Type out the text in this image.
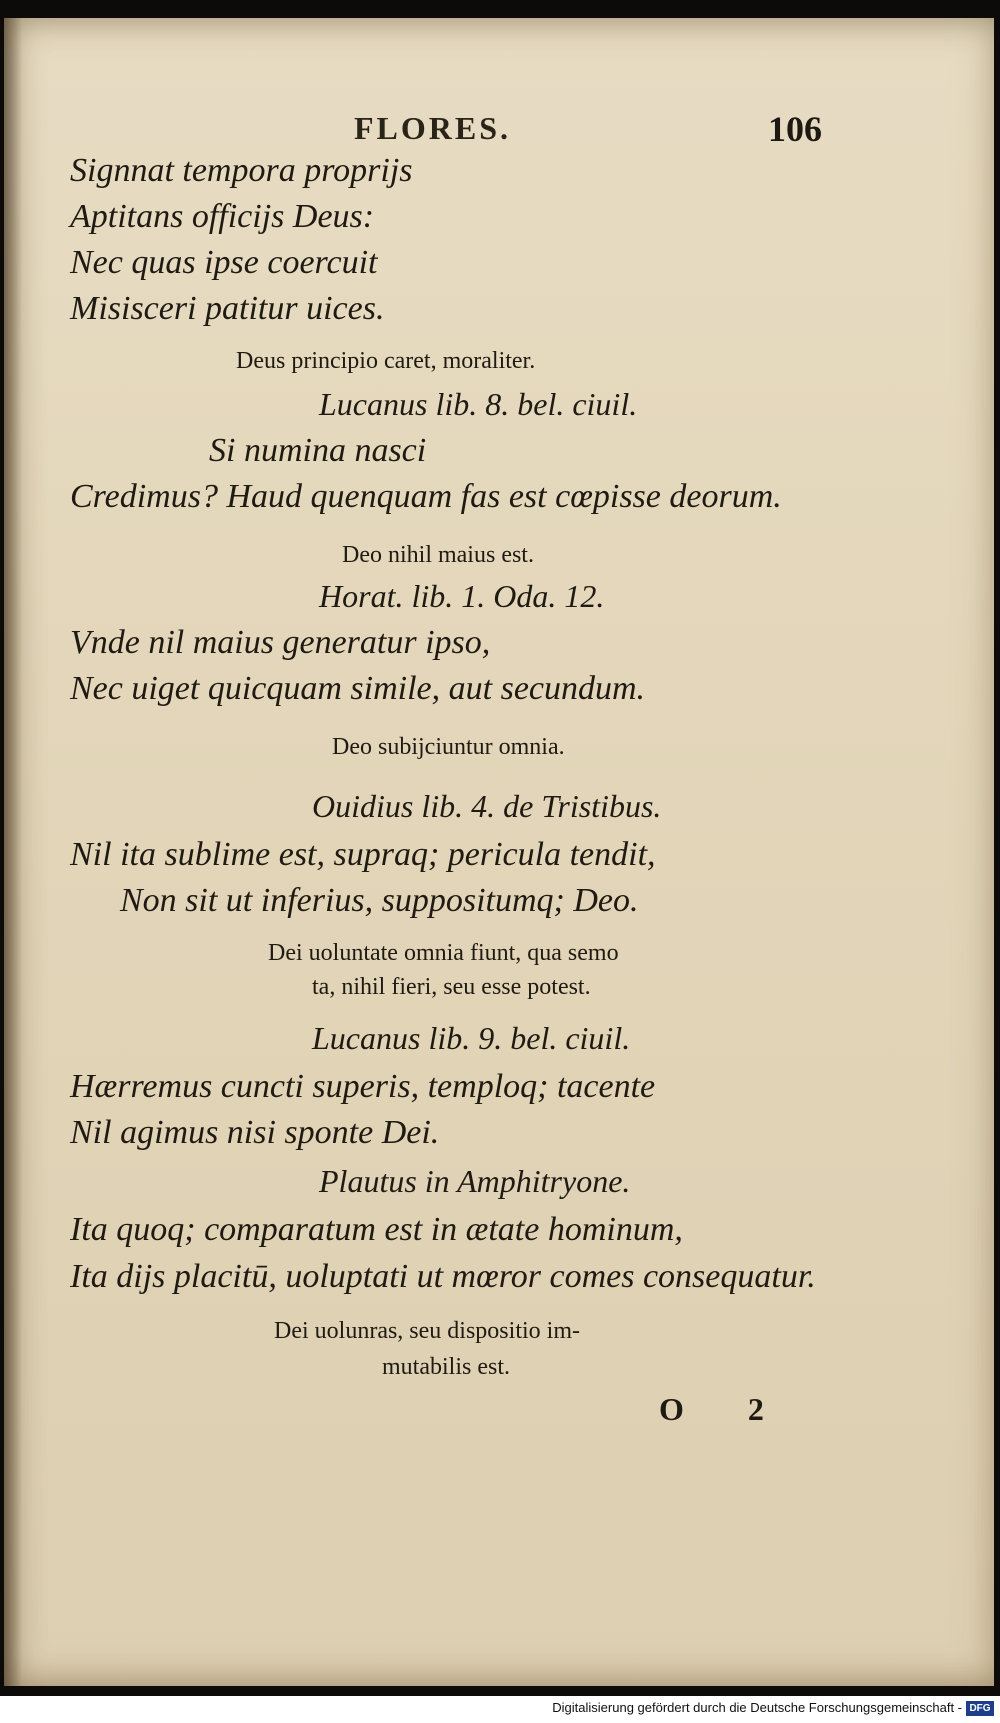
FLORES.	106
Signnat tempora proprijs
Aptitans officijs Deus:
Nec quas ipse coercuit
Misisceri patitur uices.
Deus principio caret, moraliter.
Lucanus lib. 8. bel. ciuil.
Si numina nasci
Credimus? Haud quenquam fas est cœpisse deorum.
Deo nihil maius est.
Horat. lib. 1. Oda. 12.
Vnde nil maius generatur ipso,
Nec uiget quicquam simile, aut secundum.
Deo subijciuntur omnia.
Ouidius lib. 4. de Tristibus.
Nil ita sublime est, supraq; pericula tendit,
Non sit ut inferius, suppositumq; Deo.
Dei uoluntate omnia fiunt, qua semo
ta, nihil fieri, seu esse potest.
Lucanus lib. 9. bel. ciuil.
Hærremus cuncti superis, temploq; tacente
Nil agimus nisi sponte Dei.
Plautus in Amphitryone.
Ita quoq; comparatum est in ætate hominum,
Ita dijs placitū, uoluptati ut mœror comes consequatur.
Dei uolunras, seu dispositio im-
mutabilis est.
O 2
Digitalisierung gefördert durch die Deutsche Forschungsgemeinschaft - DFG
